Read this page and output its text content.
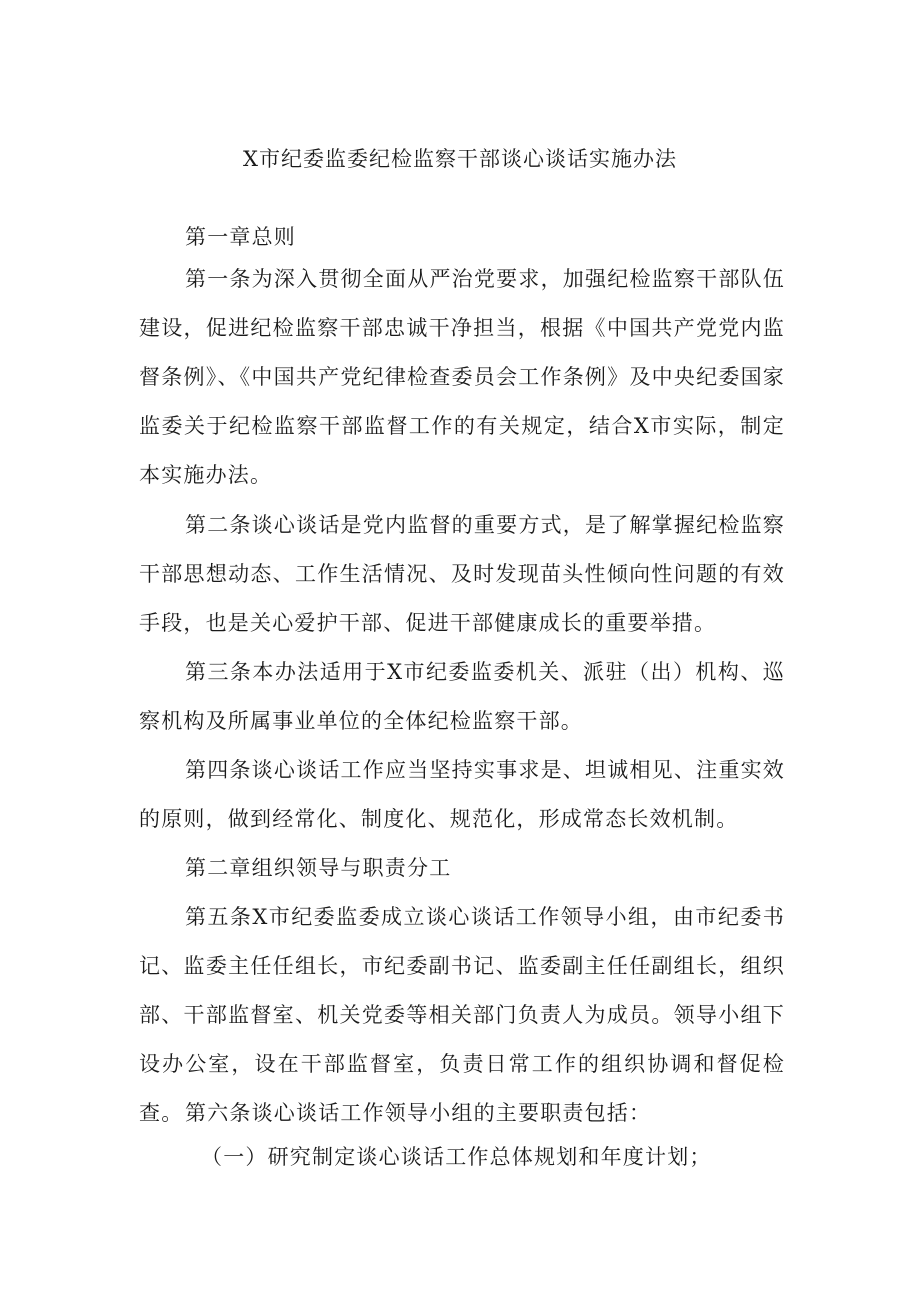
X市纪委监委纪检监察干部谈心谈话实施办法
第一章总则
第一条为深入贯彻全面从严治党要求，加强纪检监察干部队伍建设，促进纪检监察干部忠诚干净担当，根据《中国共产党党内监督条例》、《中国共产党纪律检查委员会工作条例》及中央纪委国家监委关于纪检监察干部监督工作的有关规定，结合X市实际，制定本实施办法。
第二条谈心谈话是党内监督的重要方式，是了解掌握纪检监察干部思想动态、工作生活情况、及时发现苗头性倾向性问题的有效手段，也是关心爱护干部、促进干部健康成长的重要举措。
第三条本办法适用于X市纪委监委机关、派驻（出）机构、巡察机构及所属事业单位的全体纪检监察干部。
第四条谈心谈话工作应当坚持实事求是、坦诚相见、注重实效的原则，做到经常化、制度化、规范化，形成常态长效机制。
第二章组织领导与职责分工
第五条X市纪委监委成立谈心谈话工作领导小组，由市纪委书记、监委主任任组长，市纪委副书记、监委副主任任副组长，组织部、干部监督室、机关党委等相关部门负责人为成员。领导小组下设办公室，设在干部监督室，负责日常工作的组织协调和督促检查。 第六条谈心谈话工作领导小组的主要职责包括：
（一）研究制定谈心谈话工作总体规划和年度计划；
